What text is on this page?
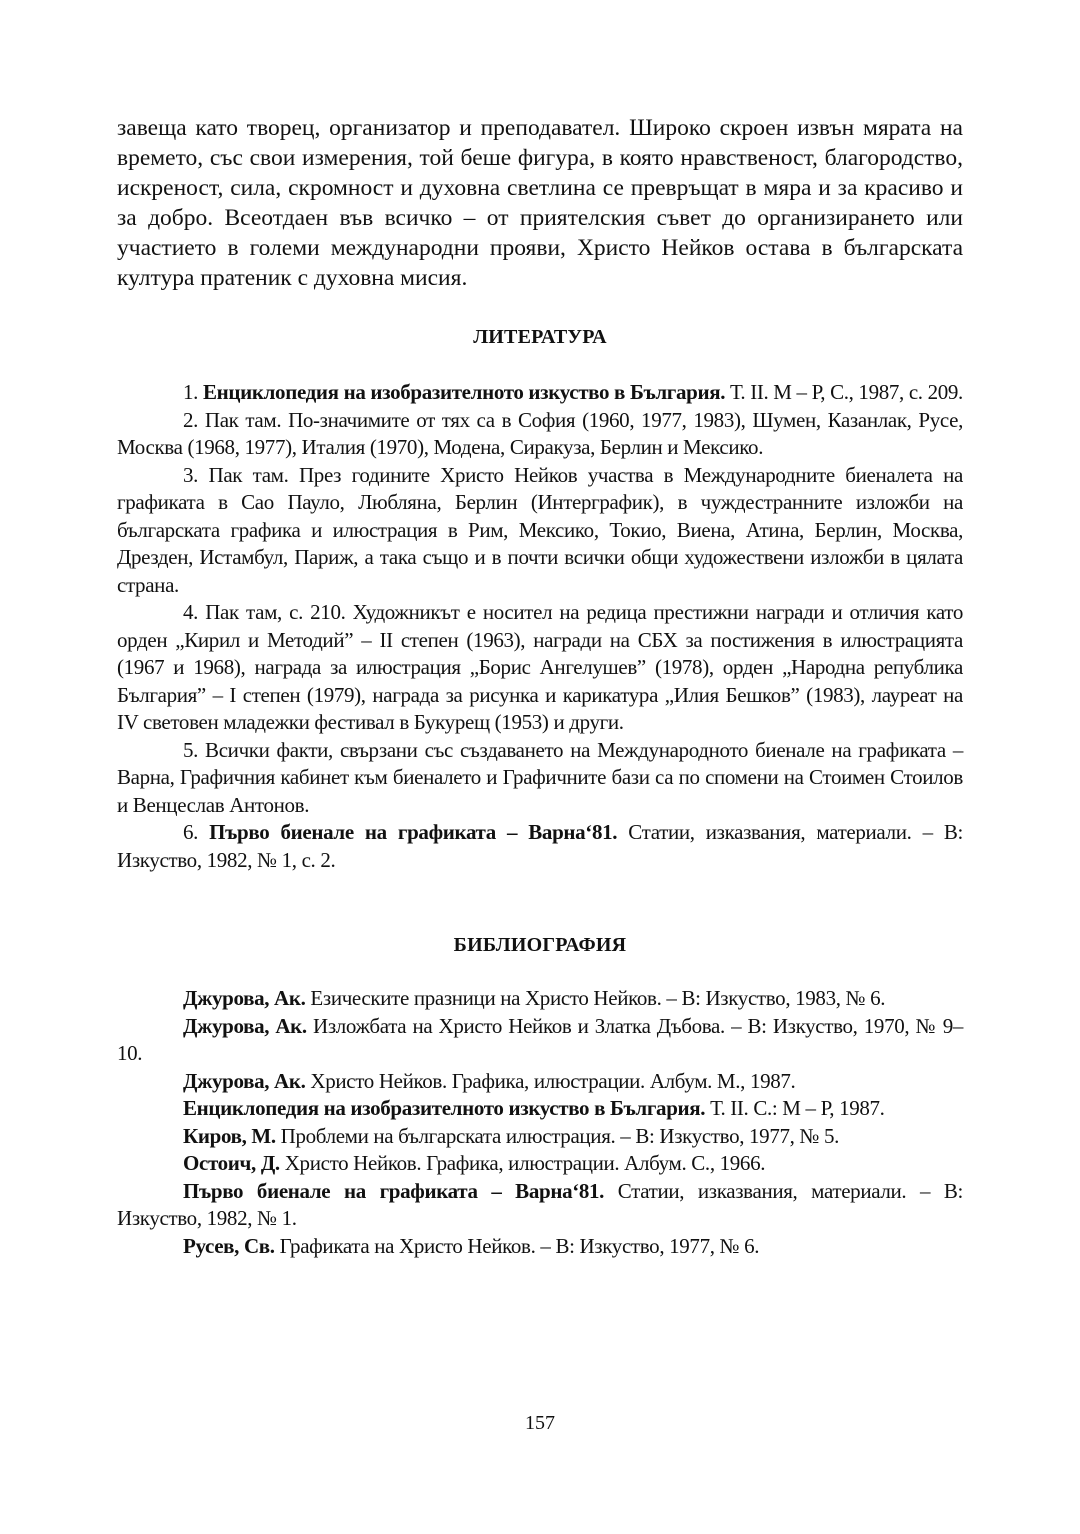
завеща като творец, организатор и преподавател. Широко скроен извън мярата на времето, със свои измерения, той беше фигура, в която нравственост, благородство, искреност, сила, скромност и духовна светлина се превръщат в мяра и за красиво и за добро. Всеотдаен във всичко – от приятелския съвет до организирането или участието в големи международни прояви, Христо Нейков остава в българската култура пратеник с духовна мисия.

ЛИТЕРАТУРА
1. Енциклопедия на изобразителното изкуство в България. Т. II. М – Р, С., 1987, с. 209.
2. Пак там. По-значимите от тях са в София (1960, 1977, 1983), Шумен, Казанлак, Русе, Москва (1968, 1977), Италия (1970), Модена, Сиракуза, Берлин и Мексико.
3. Пак там. През годините Христо Нейков участва в Международните биеналета на графиката в Сао Пауло, Любляна, Берлин (Интерграфик), в чуждестранните изложби на българската графика и илюстрация в Рим, Мексико, Токио, Виена, Атина, Берлин, Москва, Дрезден, Истамбул, Париж, а така също и в почти всички общи художествени изложби в цялата страна.
4. Пак там, с. 210. Художникът е носител на редица престижни награди и отличия като орден „Кирил и Методий” – II степен (1963), награди на СБХ за постижения в илюстрацията (1967 и 1968), награда за илюстрация „Борис Ангелушев” (1978), орден „Народна република България” – I степен (1979), награда за рисунка и карикатура „Илия Бешков” (1983), лауреат на IV световен младежки фестивал в Букурещ (1953) и други.
5. Всички факти, свързани със създаването на Международното биенале на графиката – Варна, Графичния кабинет към биеналето и Графичните бази са по спомени на Стоимен Стоилов и Венцеслав Антонов.
6. Първо биенале на графиката – Варна‘81. Статии, изказвания, материали. – В: Изкуство, 1982, № 1, с. 2.
БИБЛИОГРАФИЯ
Джурова, Ак. Езическите празници на Христо Нейков. – В: Изкуство, 1983, № 6.
Джурова, Ак. Изложбата на Христо Нейков и Златка Дъбова. – В: Изкуство, 1970, № 9–10.
Джурова, Ак. Христо Нейков. Графика, илюстрации. Албум. М., 1987.
Енциклопедия на изобразителното изкуство в България. Т. II. С.: М – Р, 1987.
Киров, М. Проблеми на българската илюстрация. – В: Изкуство, 1977, № 5.
Остоич, Д. Христо Нейков. Графика, илюстрации. Албум. С., 1966.
Първо биенале на графиката – Варна‘81. Статии, изказвания, материали. – В: Изкуство, 1982, № 1.
Русев, Св. Графиката на Христо Нейков. – В: Изкуство, 1977, № 6.
157
